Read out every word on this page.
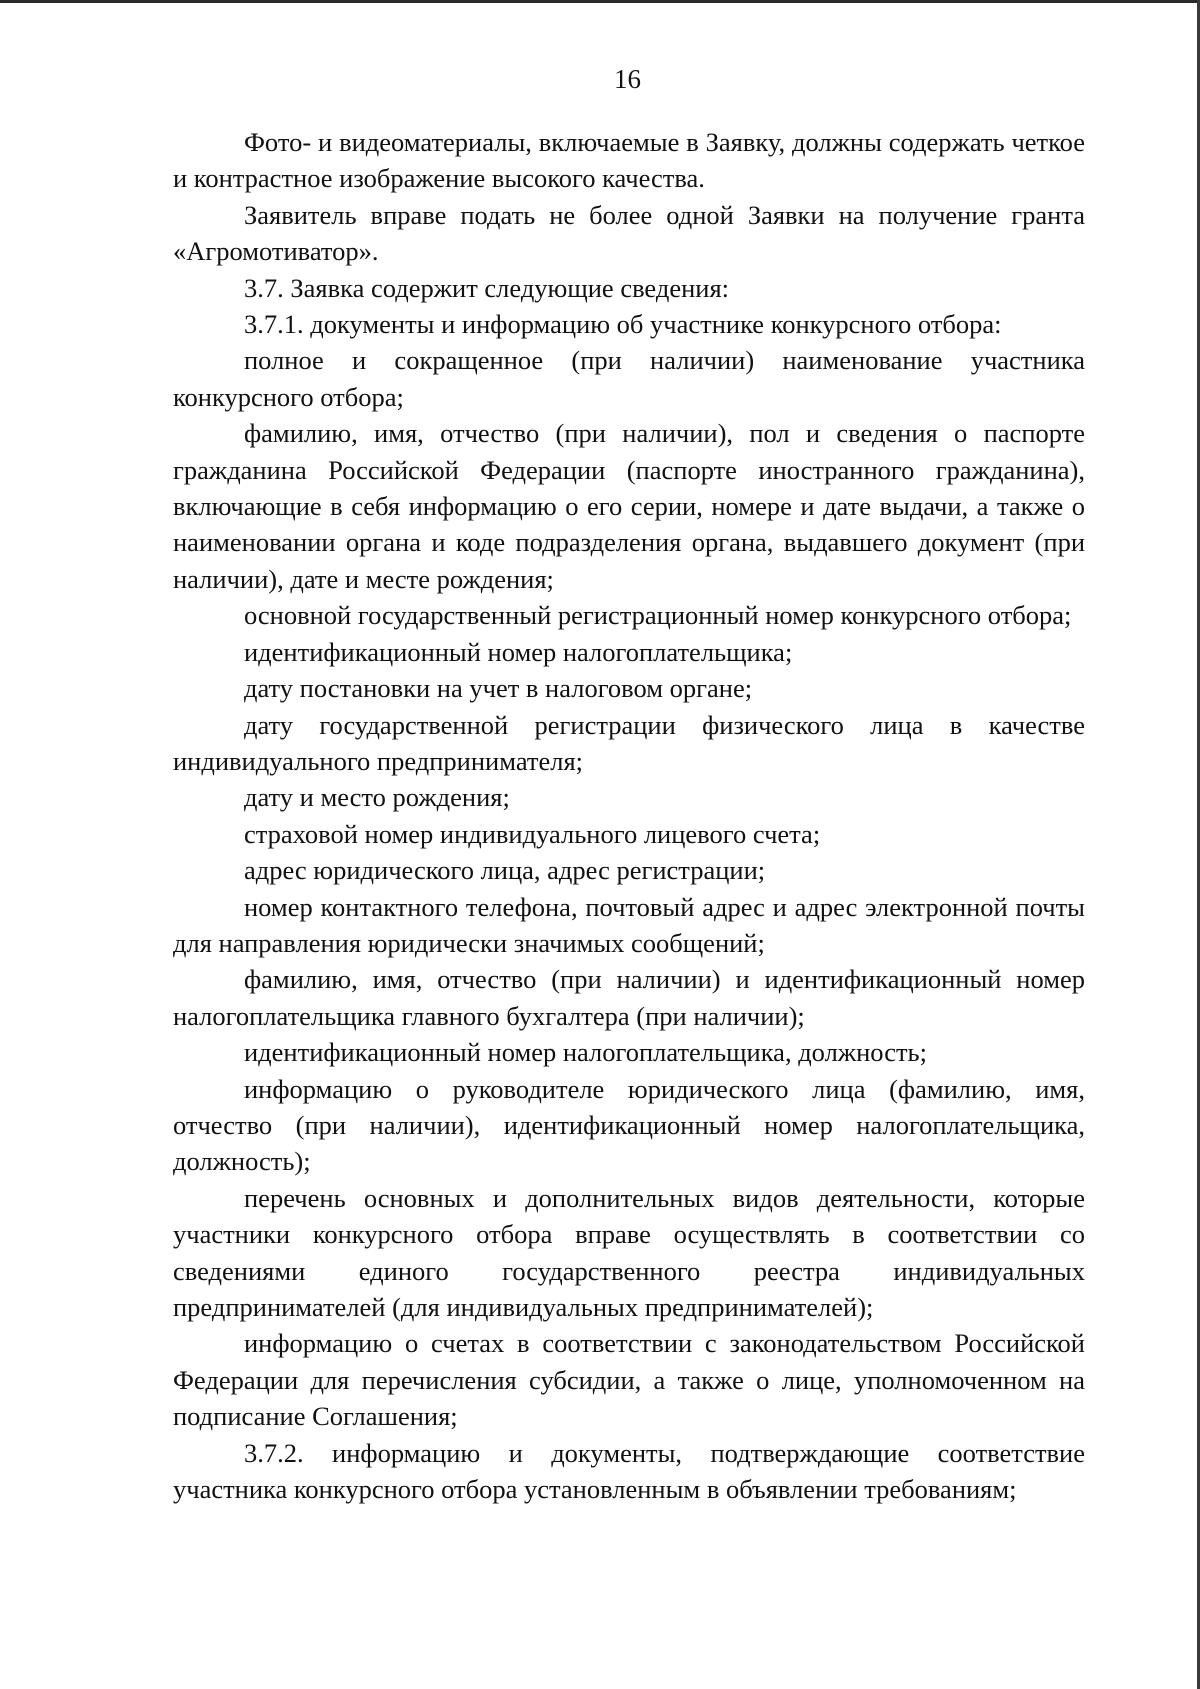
16

Фото- и видеоматериалы, включаемые в Заявку, должны содержать четкое и контрастное изображение высокого качества.

Заявитель вправе подать не более одной Заявки на получение гранта «Агромотиватор».

3.7. Заявка содержит следующие сведения:

3.7.1. документы и информацию об участнике конкурсного отбора:

полное и сокращенное (при наличии) наименование участника конкурсного отбора;

фамилию, имя, отчество (при наличии), пол и сведения о паспорте гражданина Российской Федерации (паспорте иностранного гражданина), включающие в себя информацию о его серии, номере и дате выдачи, а также о наименовании органа и коде подразделения органа, выдавшего документ (при наличии), дате и месте рождения;

основной государственный регистрационный номер конкурсного отбора;

идентификационный номер налогоплательщика;

дату постановки на учет в налоговом органе;

дату государственной регистрации физического лица в качестве индивидуального предпринимателя;

дату и место рождения;

страховой номер индивидуального лицевого счета;

адрес юридического лица, адрес регистрации;

номер контактного телефона, почтовый адрес и адрес электронной почты для направления юридически значимых сообщений;

фамилию, имя, отчество (при наличии) и идентификационный номер налогоплательщика главного бухгалтера (при наличии);

идентификационный номер налогоплательщика, должность;

информацию о руководителе юридического лица (фамилию, имя, отчество (при наличии), идентификационный номер налогоплательщика, должность);

перечень основных и дополнительных видов деятельности, которые участники конкурсного отбора вправе осуществлять в соответствии со сведениями единого государственного реестра индивидуальных предпринимателей (для индивидуальных предпринимателей);

информацию о счетах в соответствии с законодательством Российской Федерации для перечисления субсидии, а также о лице, уполномоченном на подписание Соглашения;

3.7.2. информацию и документы, подтверждающие соответствие участника конкурсного отбора установленным в объявлении требованиям;
